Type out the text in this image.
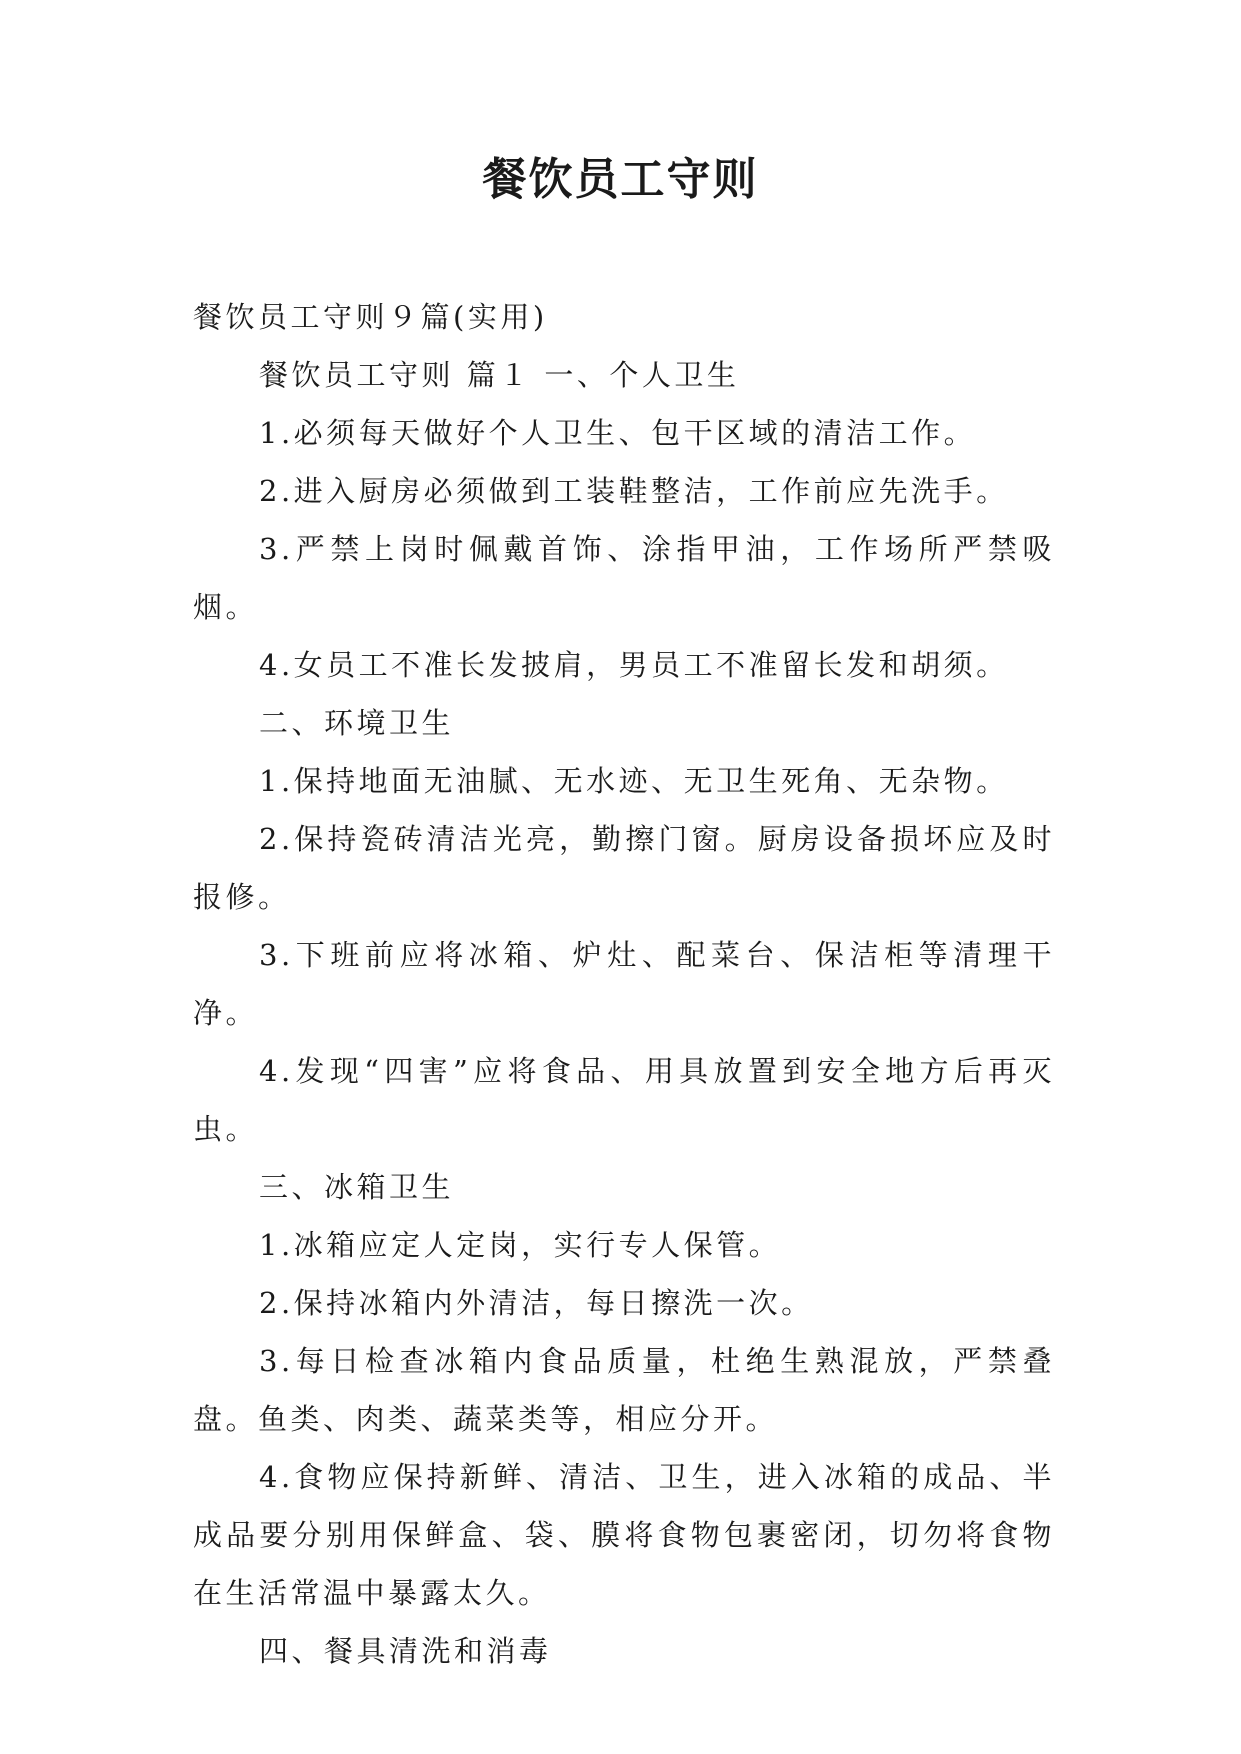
餐饮员工守则

餐饮员工守则９篇(实用)

餐饮员工守则 篇１ 一、个人卫生

1.必须每天做好个人卫生、包干区域的清洁工作。

2.进入厨房必须做到工装鞋整洁，工作前应先洗手。

3.严禁上岗时佩戴首饰、涂指甲油，工作场所严禁吸烟。

4.女员工不准长发披肩，男员工不准留长发和胡须。

二、环境卫生

1.保持地面无油腻、无水迹、无卫生死角、无杂物。

2.保持瓷砖清洁光亮，勤擦门窗。厨房设备损坏应及时报修。

3.下班前应将冰箱、炉灶、配菜台、保洁柜等清理干净。

4.发现“四害”应将食品、用具放置到安全地方后再灭虫。

三、冰箱卫生

1.冰箱应定人定岗，实行专人保管。

2.保持冰箱内外清洁，每日擦洗一次。

3.每日检查冰箱内食品质量，杜绝生熟混放，严禁叠盘。鱼类、肉类、蔬菜类等，相应分开。

4.食物应保持新鲜、清洁、卫生，进入冰箱的成品、半成品要分别用保鲜盒、袋、膜将食物包裹密闭，切勿将食物在生活常温中暴露太久。

四、餐具清洗和消毒
